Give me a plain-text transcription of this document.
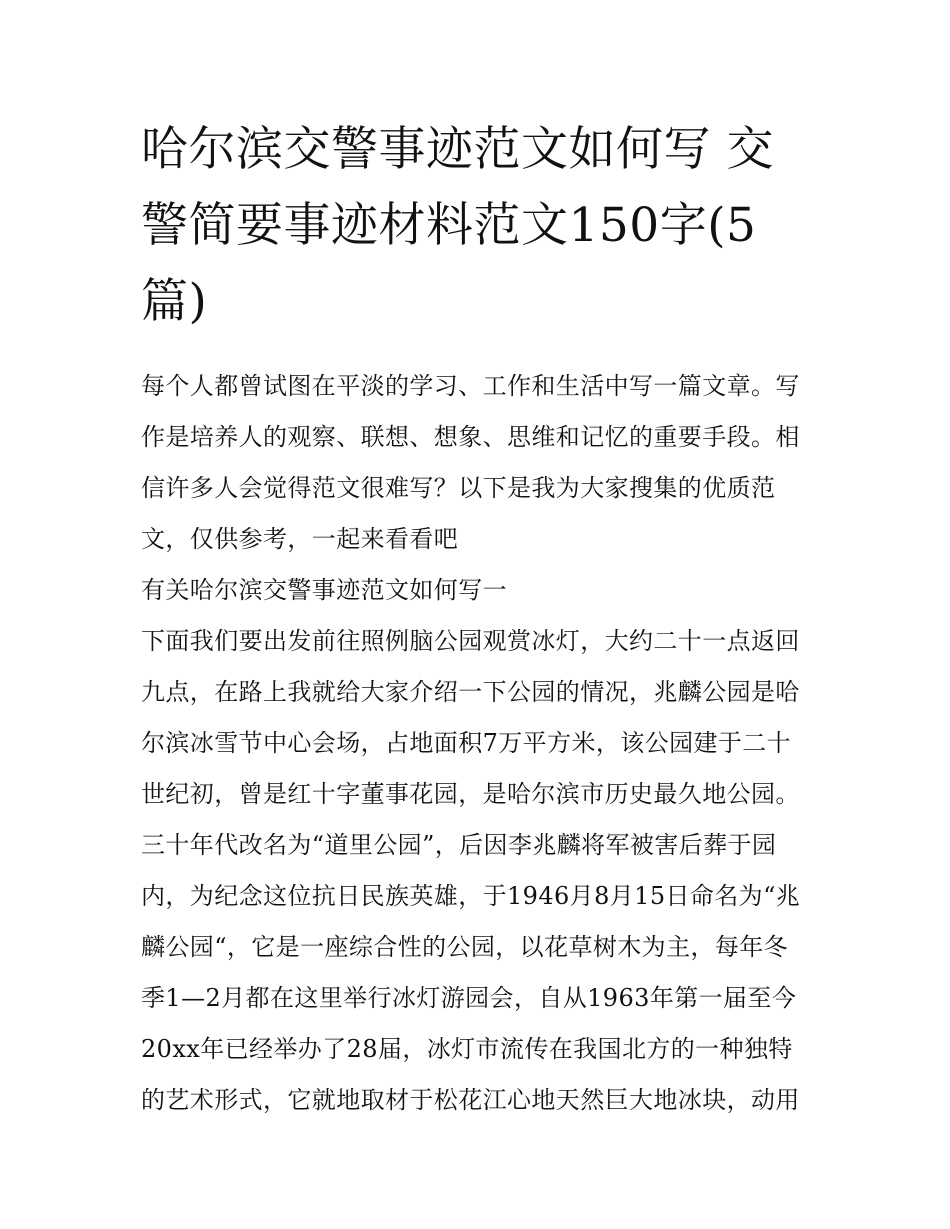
哈尔滨交警事迹范文如何写 交
警简要事迹材料范文150字(5
篇)
每个人都曾试图在平淡的学习、工作和生活中写一篇文章。写
作是培养人的观察、联想、想象、思维和记忆的重要手段。相
信许多人会觉得范文很难写？以下是我为大家搜集的优质范
文，仅供参考，一起来看看吧
有关哈尔滨交警事迹范文如何写一
下面我们要出发前往照例脑公园观赏冰灯，大约二十一点返回
九点，在路上我就给大家介绍一下公园的情况，兆麟公园是哈
尔滨冰雪节中心会场，占地面积7万平方米，该公园建于二十
世纪初，曾是红十字董事花园，是哈尔滨市历史最久地公园。
三十年代改名为“道里公园”，后因李兆麟将军被害后葬于园
内，为纪念这位抗日民族英雄，于1946月8月15日命名为“兆
麟公园“，它是一座综合性的公园，以花草树木为主，每年冬
季1—2月都在这里举行冰灯游园会，自从1963年第一届至今
20xx年已经举办了28届，冰灯市流传在我国北方的一种独特
的艺术形式，它就地取材于松花江心地天然巨大地冰块，动用
